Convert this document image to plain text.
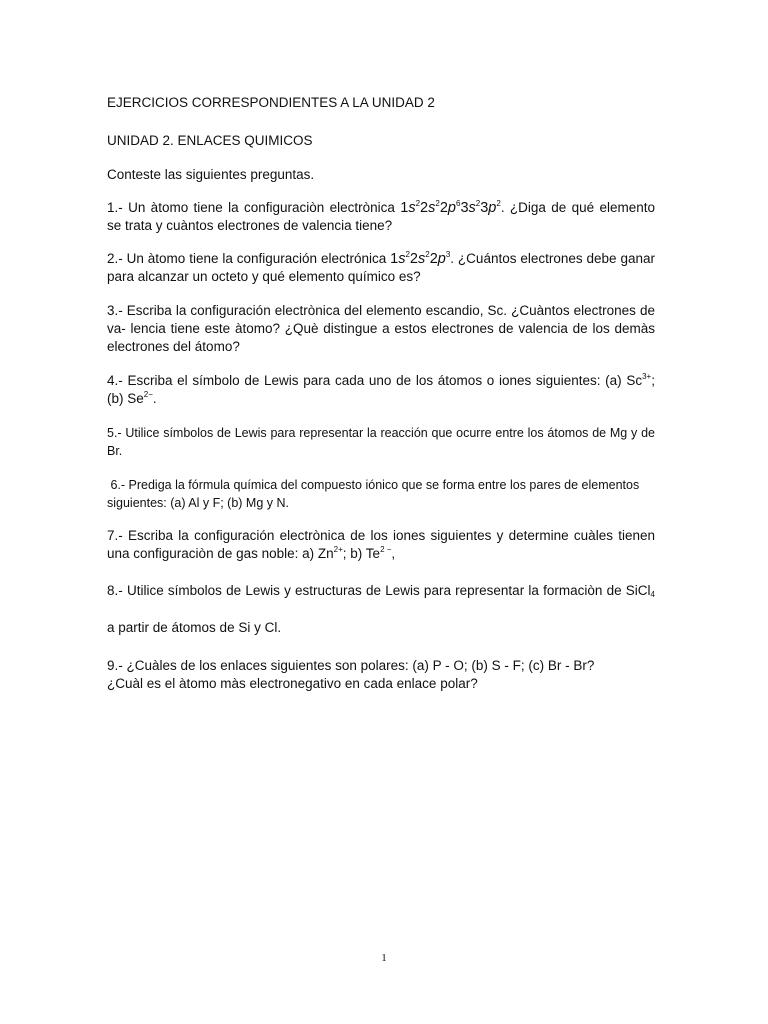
EJERCICIOS CORRESPONDIENTES A LA UNIDAD 2

UNIDAD 2. ENLACES QUIMICOS

Conteste las siguientes preguntas.

1.- Un àtomo tiene la configuraciòn electrònica $1s^22s^22p^63s^23p^2$. ¿Diga de qué elemento

se trata y cuàntos electrones de valencia tiene?

2.- Un àtomo tiene la configuración electrónica $1s^22s^22p^3$. ¿Cuántos electrones debe ganar

para alcanzar un octeto y qué elemento químico es?

3.- Escriba la configuración electrònica del elemento escandio, Sc. ¿Cuàntos electrones de

va- lencia tiene este àtomo? ¿Què distingue a estos electrones de valencia de los demàs

electrones del átomo?

4.- Escriba el símbolo de Lewis para cada uno de los átomos o iones siguientes: (a) $Sc^{3+}$;

(b) $Se^{2-}$.

5.- Utilice símbolos de Lewis para representar la reacción que ocurre entre los átomos de Mg y de

Br.

6.- Prediga la fórmula química del compuesto iónico que se forma entre los pares de elementos

siguientes: (a) Al y F; (b) Mg y N.

7.- Escriba la configuración electrònica de los iones siguientes y determine cuàles tienen

una configuraciòn de gas noble: a) $Zn^{2+}$; b) $Te^{2 -}$,

8.- Utilice símbolos de Lewis y estructuras de Lewis para representar la formaciòn de SiCl$_4$

a partir de átomos de Si y Cl.

9.- ¿Cuàles de los enlaces siguientes son polares: (a) P - O; (b) S - F; (c) Br - Br?

¿Cuàl es el àtomo màs electronegativo en cada enlace polar?

1
